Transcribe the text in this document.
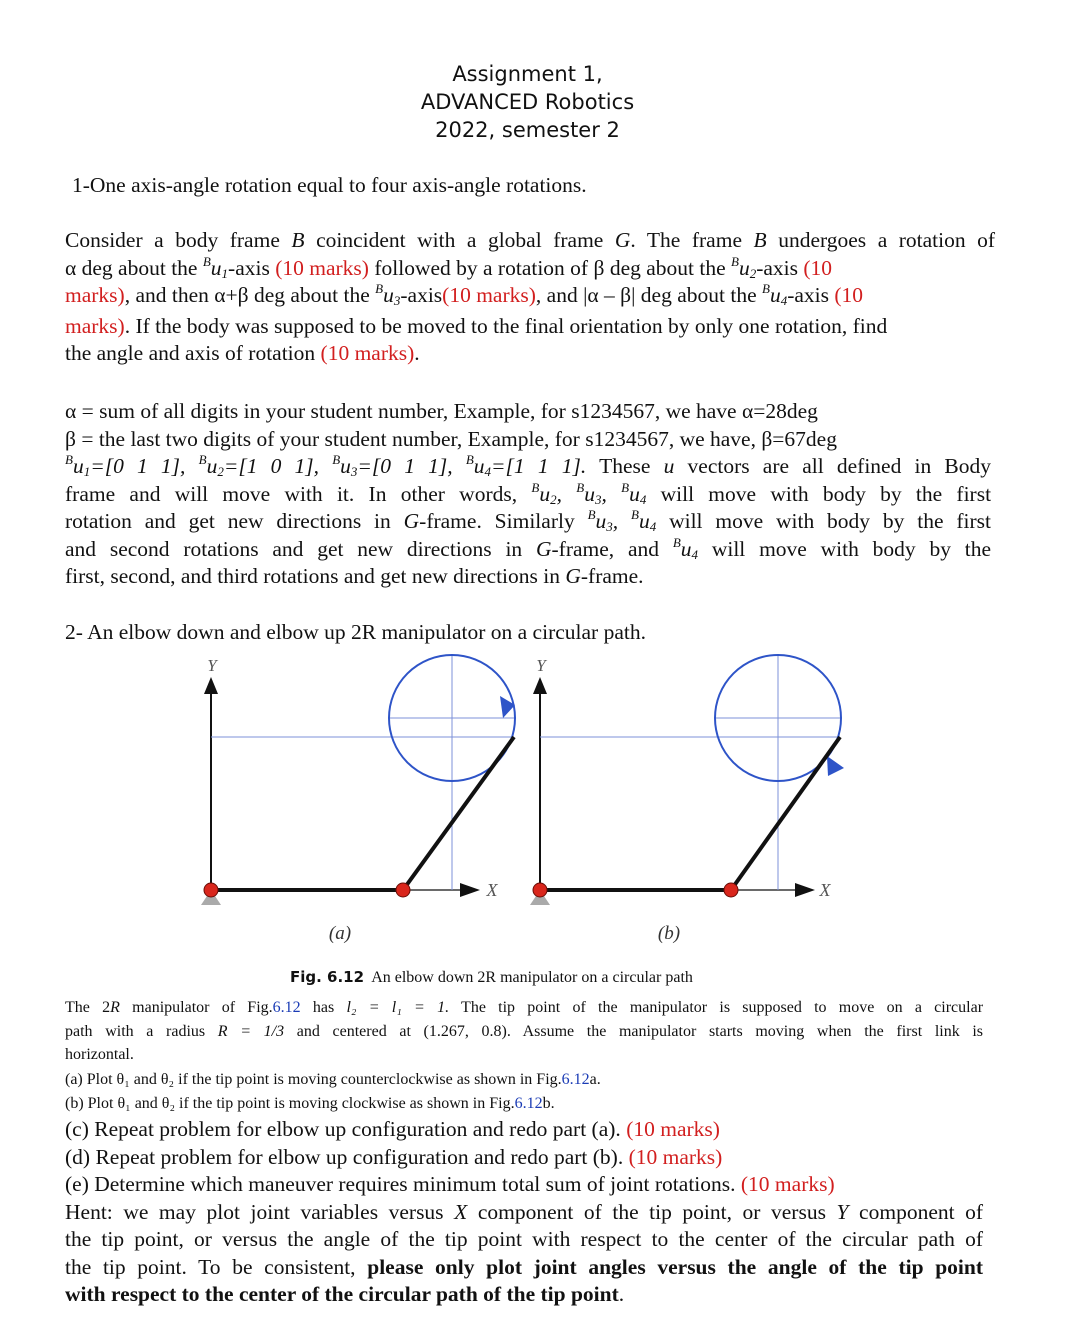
Assignment 1,
ADVANCED Robotics
2022, semester 2
1-One axis-angle rotation equal to four axis-angle rotations.
Consider a body frame B coincident with a global frame G. The frame B undergoes a rotation of
α deg about the $^Bu_1$-axis (10 marks) followed by a rotation of β deg about the $^Bu_2$-axis (10
marks), and then α+β deg about the $^Bu_3-axis(10$ marks), and |α – β| deg about the $^Bu_4$-axis (10
marks). If the body was supposed to be moved to the final orientation by only one rotation, find
the angle and axis of rotation (10 marks).
α = sum of all digits in your student number, Example, for s1234567, we have α=28deg
β = the last two digits of your student number, Example, for s1234567, we have, β=67deg
$^Bu_1=[0$ 1 1], $^Bu_2=[1$ 0 1], $^Bu_3=[0$ 1 1], $^Bu_4=[1$ 1 1]. These u vectors are all defined in Body
frame and will move with it. In other words, $^Bu_2$, $^Bu_3$, $^Bu_4$ will move with body by the first
rotation and get new directions in G-frame. Similarly $^Bu_3$, $^Bu_4$ will move with body by the first
and second rotations and get new directions in G-frame, and $^Bu_4$ will move with body by the
first, second, and third rotations and get new directions in G-frame.
2- An elbow down and elbow up 2R manipulator on a circular path.
Y
X
(a)
Y
X
(b)
Fig. 6.12 An elbow down 2R manipulator on a circular path
The 2R manipulator of Fig.6.12 has l₂ = l₁ = 1. The tip point of the manipulator is supposed to move on a circular
path with a radius R = 1/3 and centered at (1.267, 0.8). Assume the manipulator starts moving when the first link is
horizontal.
(a) Plot θ₁ and θ₂ if the tip point is moving counterclockwise as shown in Fig.6.12a.
(b) Plot θ₁ and θ₂ if the tip point is moving clockwise as shown in Fig.6.12b.
(c) Repeat problem for elbow up configuration and redo part (a). (10 marks)
(d) Repeat problem for elbow up configuration and redo part (b). (10 marks)
(e) Determine which maneuver requires minimum total sum of joint rotations. (10 marks)
Hent: we may plot joint variables versus X component of the tip point, or versus Y component of
the tip point, or versus the angle of the tip point with respect to the center of the circular path of
the tip point. To be consistent, please only plot joint angles versus the angle of the tip point
with respect to the center of the circular path of the tip point.
